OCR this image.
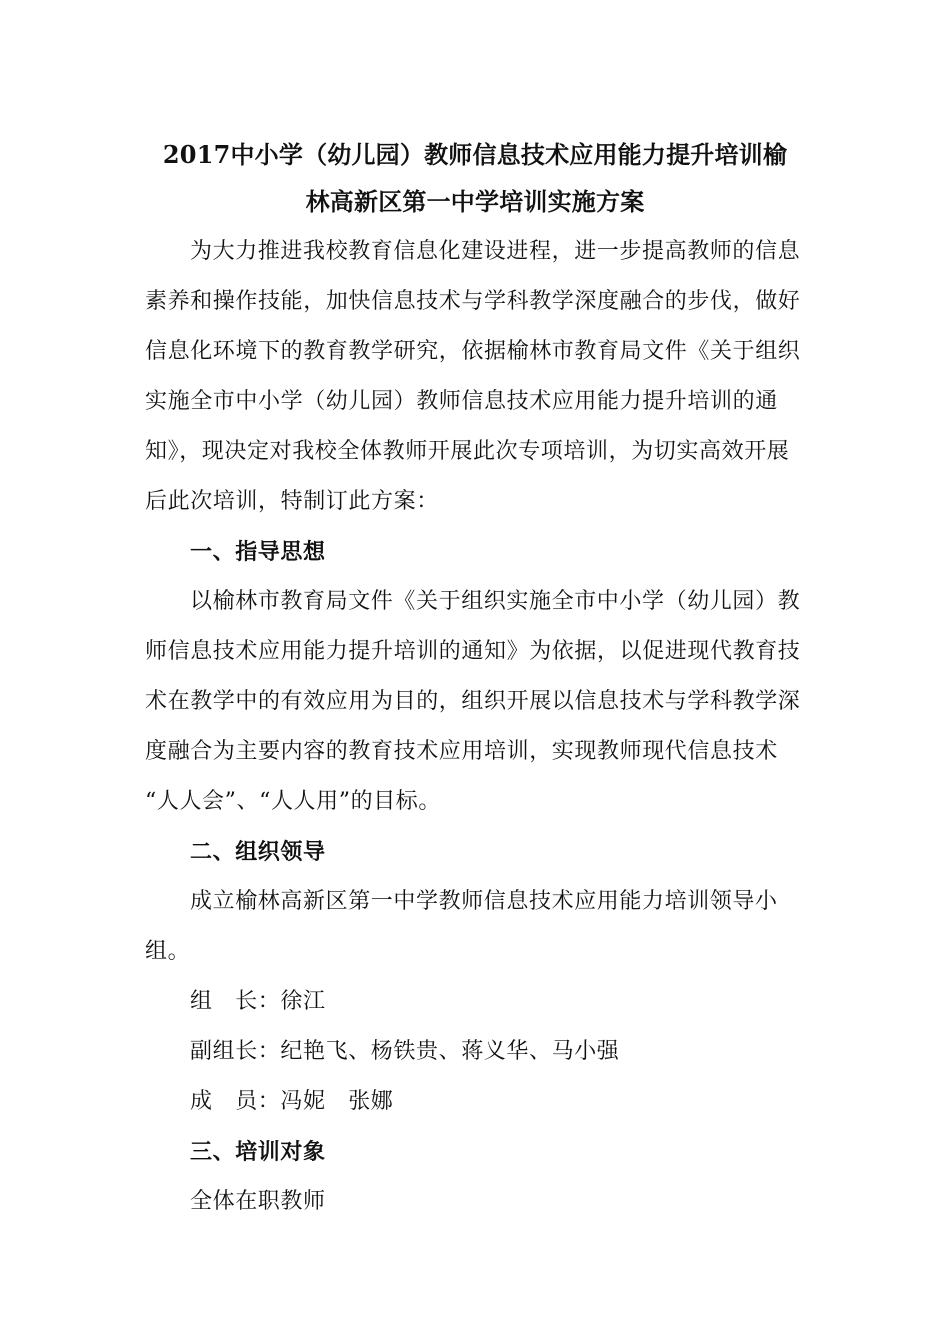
2017中小学（幼儿园）教师信息技术应用能力提升培训榆
林高新区第一中学培训实施方案
为大力推进我校教育信息化建设进程，进一步提高教师的信息
素养和操作技能，加快信息技术与学科教学深度融合的步伐，做好
信息化环境下的教育教学研究，依据榆林市教育局文件《关于组织
实施全市中小学（幼儿园）教师信息技术应用能力提升培训的通
知》，现决定对我校全体教师开展此次专项培训，为切实高效开展
后此次培训，特制订此方案：
一、指导思想
以榆林市教育局文件《关于组织实施全市中小学（幼儿园）教
师信息技术应用能力提升培训的通知》为依据，以促进现代教育技
术在教学中的有效应用为目的，组织开展以信息技术与学科教学深
度融合为主要内容的教育技术应用培训，实现教师现代信息技术
“人人会”、“人人用”的目标。
二、组织领导
成立榆林高新区第一中学教师信息技术应用能力培训领导小
组。
组　长：徐江
副组长：纪艳飞、杨铁贵、蒋义华、马小强
成　员：冯妮　张娜
三、培训对象
全体在职教师
